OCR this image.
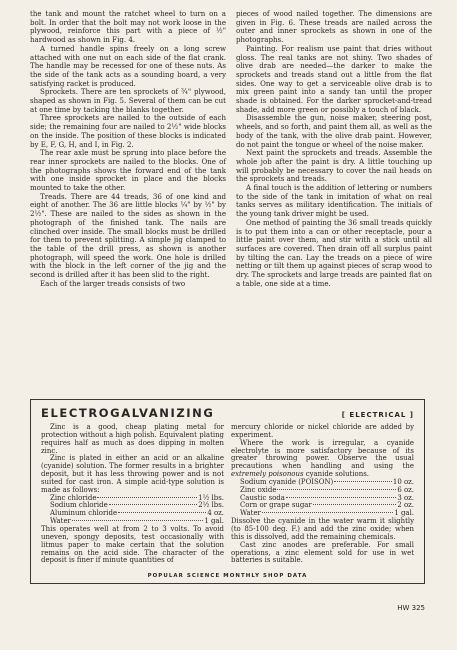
the tank and mount the ratchet wheel to turn on a bolt. In order that the bolt may not work loose in the plywood, reinforce this part with a piece of ½" hardwood as shown in Fig. 4.

A turned handle spins freely on a long screw attached with one nut on each side of the flat crank. The handle may be recessed for one of these nuts. As the side of the tank acts as a sounding board, a very satisfying racket is produced.

Sprockets. There are ten sprockets of ¾" plywood, shaped as shown in Fig. 5. Several of them can be cut at one time by tacking the blanks together.

Three sprockets are nailed to the outside of each side; the remaining four are nailed to 2½" wide blocks on the inside. The position of these blocks is indicated by E, F, G, H, and I, in Fig. 2.

The rear axle must be sprung into place before the rear inner sprockets are nailed to the blocks. One of the photographs shows the forward end of the tank with one inside sprocket in place and the blocks mounted to take the other.

Treads. There are 44 treads, 36 of one kind and eight of another. The 36 are little blocks ¼" by ½" by 2½". These are nailed to the sides as shown in the photograph of the finished tank. The nails are clinched over inside. The small blocks must be drilled for them to prevent splitting. A simple jig clamped to the table of the drill press, as shown is another photograph, will speed the work. One hole is drilled with the block in the left corner of the jig and the second is drilled after it has been slid to the right.

Each of the larger treads consists of two

pieces of wood nailed together. The dimensions are given in Fig. 6. These treads are nailed across the outer and inner sprockets as shown in one of the photographs.

Painting. For realism use paint that dries without gloss. The real tanks are not shiny. Two shades of olive drab are needed—the darker to make the sprockets and treads stand out a little from the flat sides. One way to get a serviceable olive drab is to mix green paint into a sandy tan until the proper shade is obtained. For the darker sprocket-and-tread shade, add more green or possibly a touch of black.

Disassemble the gun, noise maker, steering post, wheels, and so forth, and paint them all, as well as the body of the tank, with the olive drab paint. However, do not paint the tongue or wheel of the noise maker.

Next paint the sprockets and treads. Assemble the whole job after the paint is dry. A little touching up will probably be necessary to cover the nail heads on the sprockets and treads.

A final touch is the addition of lettering or numbers to the side of the tank in imitation of what on real tanks serves as military identification. The initials of the young tank driver might be used.

One method of painting the 36 small treads quickly is to put them into a can or other receptacle, pour a little paint over them, and stir with a stick until all surfaces are covered. Then drain off all surplus paint by tilting the can. Lay the treads on a piece of wire netting or tilt them up against pieces of scrap wood to dry. The sprockets and large treads are painted flat on a table, one side at a time.

ELECTROGALVANIZING	[ ELECTRICAL ]

Zinc is a good, cheap plating metal for protection without a high polish. Equivalent plating requires half as much as does dipping in molten zinc.

Zinc is plated in either an acid or an alkaline (cyanide) solution. The former results in a brighter deposit, but it has less throwing power and is not suited for cast iron. A simple acid-type solution is made as follows:

Zinc chloride	1½ lbs.
Sodium chloride	2½ lbs.
Aluminum chloride	4 oz.
Water	1 gal.

This operates well at from 2 to 3 volts. To avoid uneven, spongy deposits, test occasionally with litmus paper to make certain that the solution remains on the acid side. The character of the deposit is finer if minute quantities of

mercury chloride or nickel chloride are added by experiment.

Where the work is irregular, a cyanide electrolyte is more satisfactory because of its greater throwing power. Observe the usual precautions when handling and using the extremely poisonous cyanide solutions.

Sodium cyanide (POISON)	10 oz.
Zinc oxide	6 oz.
Caustic soda	3 oz.
Corn or grape sugar	2 oz.
Water	1 gal.

Dissolve the cyanide in the water warm it slightly (to 85-100 deg. F.) and add the zinc oxide; when this is dissolved, add the remaining chemicals.

Cast zinc anodes are preferable. For small operations, a zinc element sold for use in wet batteries is suitable.

POPULAR SCIENCE MONTHLY SHOP DATA
HW 325
